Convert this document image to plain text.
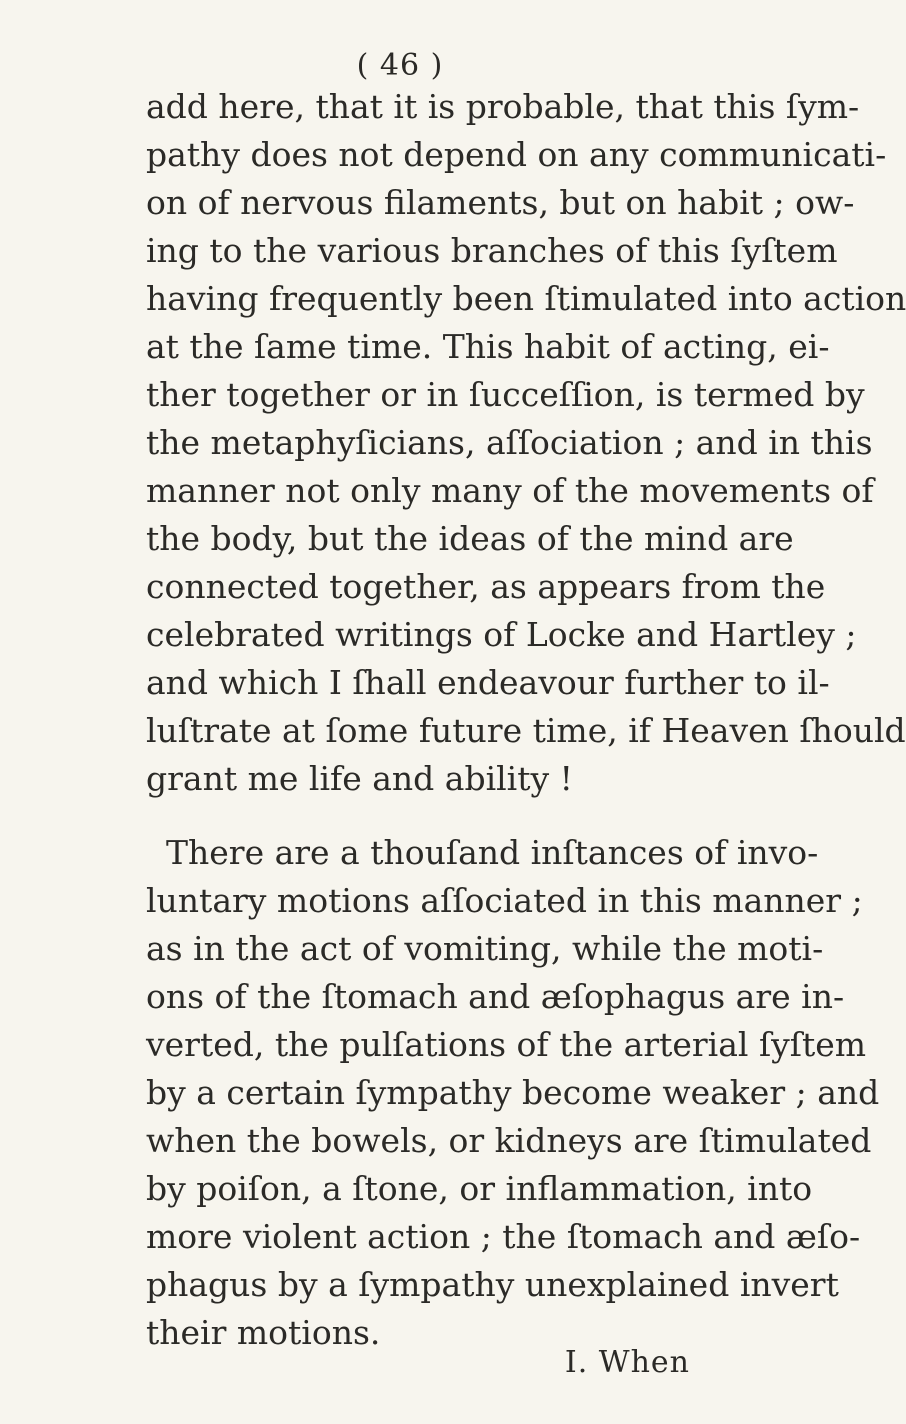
( 46 )
add here, that it is probable, that this ſym-
pathy does not depend on any communicati-
on of nervous filaments, but on habit ; ow-
ing to the various branches of this ſyſtem
having frequently been ſtimulated into action
at the ſame time. This habit of acting, ei-
ther together or in ſucceſſion, is termed by
the metaphyſicians, aſſociation ; and in this
manner not only many of the movements of
the body, but the ideas of the mind are
connected together, as appears from the
celebrated writings of Locke and Hartley ;
and which I ſhall endeavour further to il-
luſtrate at ſome future time, if Heaven ſhould
grant me life and ability !
There are a thouſand inſtances of invo-
luntary motions aſſociated in this manner ;
as in the act of vomiting, while the moti-
ons of the ſtomach and æſophagus are in-
verted, the pulſations of the arterial ſyſtem
by a certain ſympathy become weaker ; and
when the bowels, or kidneys are ſtimulated
by poiſon, a ſtone, or inflammation, into
more violent action ; the ſtomach and æſo-
phagus by a ſympathy unexplained invert
their motions.
I. When
